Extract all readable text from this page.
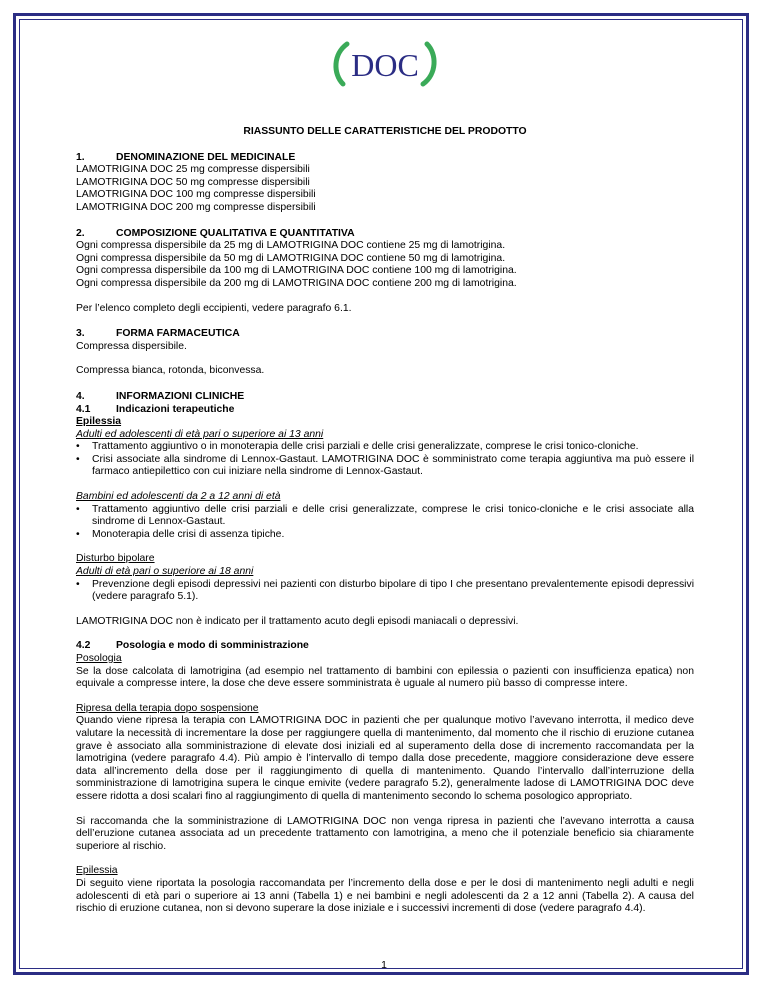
DOC

RIASSUNTO DELLE CARATTERISTICHE DEL PRODOTTO

1.	DENOMINAZIONE DEL MEDICINALE

LAMOTRIGINA DOC 25 mg compresse dispersibili

LAMOTRIGINA DOC 50 mg compresse dispersibili

LAMOTRIGINA DOC 100 mg compresse dispersibili

LAMOTRIGINA DOC 200 mg compresse dispersibili

2.	COMPOSIZIONE QUALITATIVA E QUANTITATIVA

Ogni compressa dispersibile da 25 mg di LAMOTRIGINA DOC contiene 25 mg di lamotrigina.

Ogni compressa dispersibile da 50 mg di LAMOTRIGINA DOC contiene 50 mg di lamotrigina.

Ogni compressa dispersibile da 100 mg di LAMOTRIGINA DOC contiene 100 mg di lamotrigina.

Ogni compressa dispersibile da 200 mg di LAMOTRIGINA DOC contiene 200 mg di lamotrigina.

Per l’elenco completo degli eccipienti, vedere paragrafo 6.1.

3.	FORMA FARMACEUTICA

Compressa dispersibile.

Compressa bianca, rotonda, biconvessa.

4.	INFORMAZIONI CLINICHE

4.1 Indicazioni terapeutiche

Epilessia

Adulti ed adolescenti di età pari o superiore ai 13 anni

• Trattamento aggiuntivo o in monoterapia delle crisi parziali e delle crisi generalizzate, comprese le crisi tonico-cloniche.
• Crisi associate alla sindrome di Lennox-Gastaut. LAMOTRIGINA DOC è somministrato come terapia aggiuntiva ma può essere il farmaco antiepilettico con cui iniziare nella sindrome di Lennox-Gastaut.

Bambini ed adolescenti da 2 a 12 anni di età

• Trattamento aggiuntivo delle crisi parziali e delle crisi generalizzate, comprese le crisi tonico-cloniche e le crisi associate alla sindrome di Lennox-Gastaut.
• Monoterapia delle crisi di assenza tipiche.

Disturbo bipolare

Adulti di età pari o superiore ai 18 anni

• Prevenzione degli episodi depressivi nei pazienti con disturbo bipolare di tipo I che presentano prevalentemente episodi depressivi (vedere paragrafo 5.1).

LAMOTRIGINA DOC non è indicato per il trattamento acuto degli episodi maniacali o depressivi.

4.2 Posologia e modo di somministrazione

Posologia

Se la dose calcolata di lamotrigina (ad esempio nel trattamento di bambini con epilessia o pazienti con insufficienza epatica) non equivale a compresse intere, la dose che deve essere somministrata è uguale al numero più basso di compresse intere.

Ripresa della terapia dopo sospensione

Quando viene ripresa la terapia con LAMOTRIGINA DOC in pazienti che per qualunque motivo l’avevano interrotta, il medico deve valutare la necessità di incrementare la dose per raggiungere quella di mantenimento, dal momento che il rischio di eruzione cutanea grave è associato alla somministrazione di elevate dosi iniziali ed al superamento della dose di incremento raccomandata per la lamotrigina (vedere paragrafo 4.4). Più ampio è l’intervallo di tempo dalla dose precedente, maggiore considerazione deve essere data all’incremento della dose per il raggiungimento di quella di mantenimento. Quando l’intervallo dall’interruzione della somministrazione di lamotrigina supera le cinque emivite (vedere paragrafo 5.2), generalmente ladose di LAMOTRIGINA DOC deve essere ridotta a dosi scalari fino al raggiungimento di quella di mantenimento secondo lo schema posologico appropriato.

Si raccomanda che la somministrazione di LAMOTRIGINA DOC non venga ripresa in pazienti che l’avevano interrotta a causa dell’eruzione cutanea associata ad un precedente trattamento con lamotrigina, a meno che il potenziale beneficio sia chiaramente superiore al rischio.

Epilessia

Di seguito viene riportata la posologia raccomandata per l’incremento della dose e per le dosi di mantenimento negli adulti e negli adolescenti di età pari o superiore ai 13 anni (Tabella 1) e nei bambini e negli adolescenti da 2 a 12 anni (Tabella 2). A causa del rischio di eruzione cutanea, non si devono superare la dose iniziale e i successivi incrementi di dose (vedere paragrafo 4.4).

1
